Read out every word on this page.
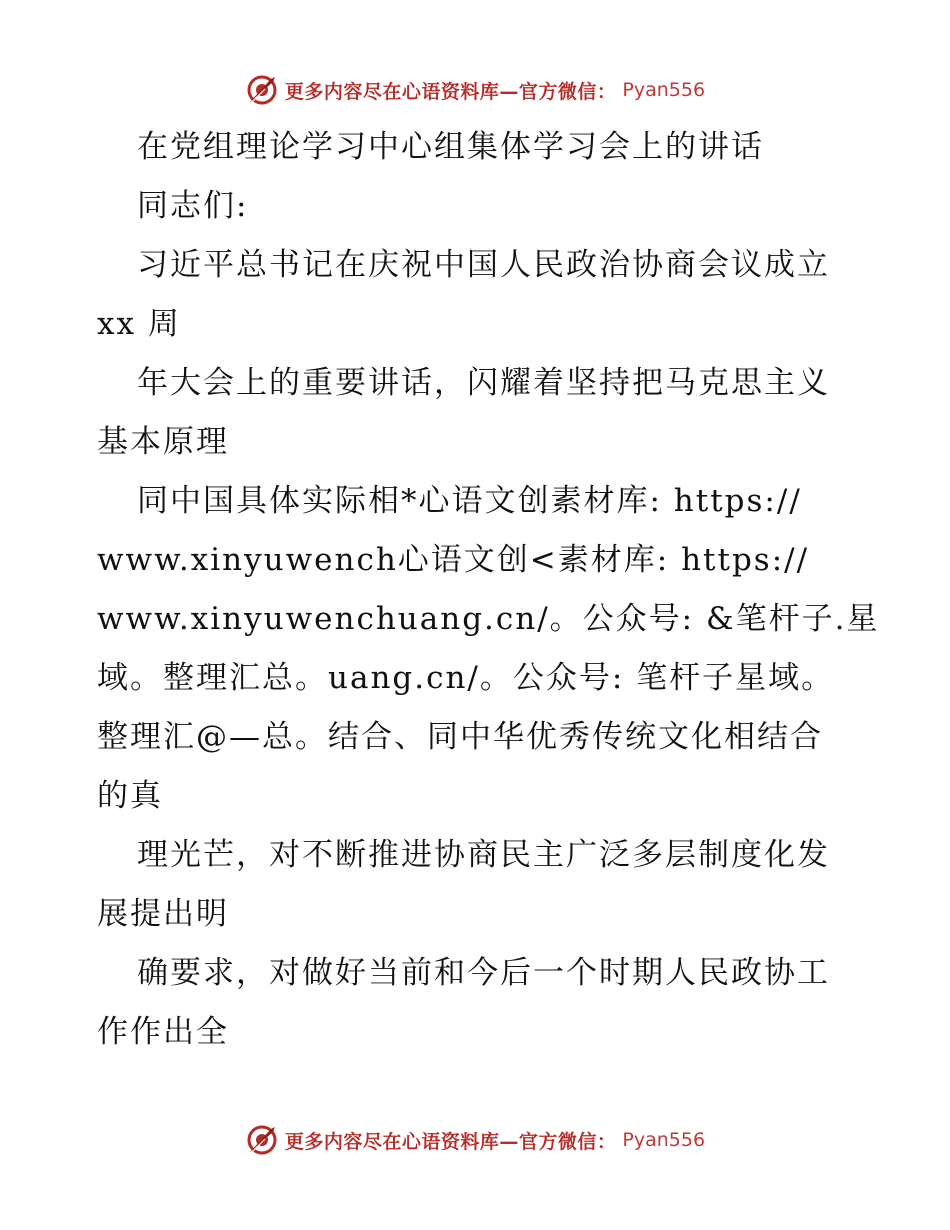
更多内容尽在心语资料库—官方微信： Pyan556
在党组理论学习中心组集体学习会上的讲话
同志们:
习近平总书记在庆祝中国人民政治协商会议成立
xx 周
年大会上的重要讲话，闪耀着坚持把马克思主义
基本原理
同中国具体实际相*心语文创素材库: https://
www.xinyuwench心语文创<素材库: https://
www.xinyuwenchuang.cn/。公众号: &笔杆子.星
域。整理汇总。uang.cn/。公众号: 笔杆子星域。
整理汇@—总。结合、同中华优秀传统文化相结合
的真
理光芒，对不断推进协商民主广泛多层制度化发
展提出明
确要求，对做好当前和今后一个时期人民政协工
作作出全
更多内容尽在心语资料库—官方微信： Pyan556
